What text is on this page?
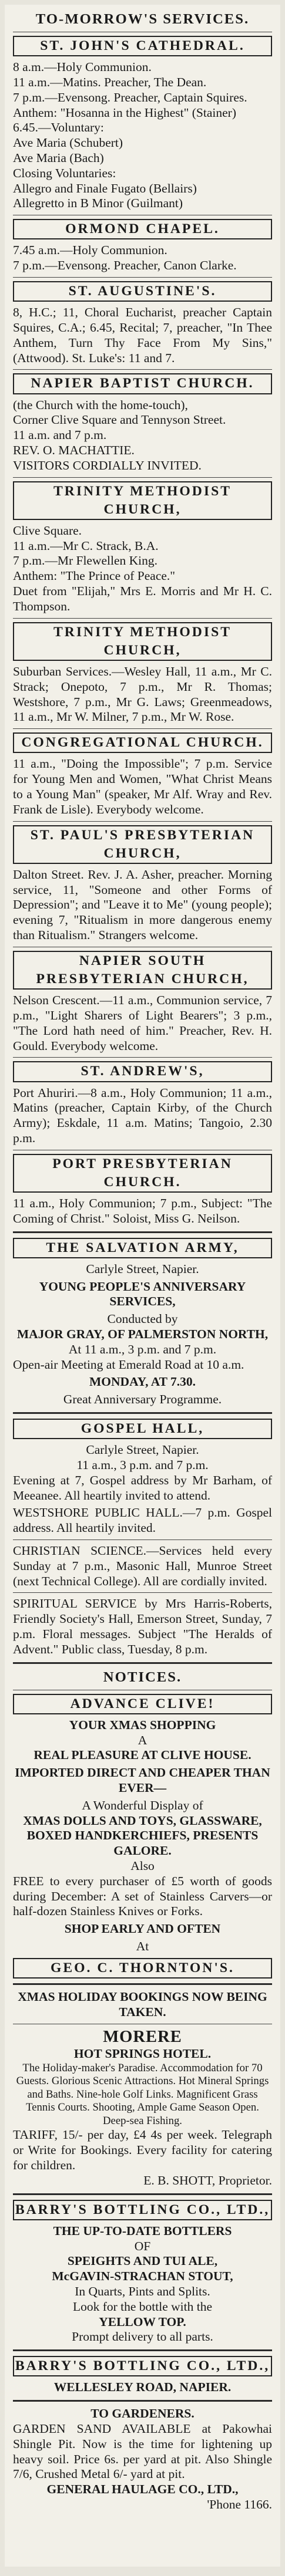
TO-MORROW'S SERVICES.
ST. JOHN'S CATHEDRAL.
8 a.m.—Holy Communion.
11 a.m.—Matins. Preacher, The Dean.
7 p.m.—Evensong. Preacher, Captain Squires.
Anthem: "Hosanna in the Highest" (Stainer)
6.45.—Voluntary:
Ave Maria (Schubert)
Ave Maria (Bach)
Closing Voluntaries:
Allegro and Finale Fugato (Bellairs)
Allegretto in B Minor (Guilmant)
ORMOND CHAPEL.
7.45 a.m.—Holy Communion.
7 p.m.—Evensong. Preacher, Canon Clarke.
ST. AUGUSTINE'S.
8, H.C.; 11, Choral Eucharist, preacher Captain Squires, C.A.; 6.45, Recital; 7, preacher, "In Thee Anthem, Turn Thy Face From My Sins," (Attwood). St. Luke's: 11 and 7.
NAPIER BAPTIST CHURCH.
(the Church with the home-touch),
Corner Clive Square and Tennyson Street.
11 a.m. and 7 p.m.
REV. O. MACHATTIE.
VISITORS CORDIALLY INVITED.
TRINITY METHODIST CHURCH,
Clive Square.
11 a.m.—Mr C. Strack, B.A.
7 p.m.—Mr Flewellen King.
Anthem: "The Prince of Peace."
Duet from "Elijah," Mrs E. Morris and Mr H. C. Thompson.
TRINITY METHODIST CHURCH,
Suburban Services.—Wesley Hall, 11 a.m., Mr C. Strack; Onepoto, 7 p.m., Mr R. Thomas; Westshore, 7 p.m., Mr G. Laws; Greenmeadows, 11 a.m., Mr W. Milner, 7 p.m., Mr W. Rose.
CONGREGATIONAL CHURCH.
11 a.m., "Doing the Impossible"; 7 p.m. Service for Young Men and Women, "What Christ Means to a Young Man" (speaker, Mr Alf. Wray and Rev. Frank de Lisle). Everybody welcome.
ST. PAUL'S PRESBYTERIAN CHURCH,
Dalton Street. Rev. J. A. Asher, preacher. Morning service, 11, "Someone and other Forms of Depression"; and "Leave it to Me" (young people); evening 7, "Ritualism in more dangerous enemy than Ritualism." Strangers welcome.
NAPIER SOUTH PRESBYTERIAN CHURCH,
Nelson Crescent.—11 a.m., Communion service, 7 p.m., "Light Sharers of Light Bearers"; 3 p.m., "The Lord hath need of him." Preacher, Rev. H. Gould. Everybody welcome.
ST. ANDREW'S,
Port Ahuriri.—8 a.m., Holy Communion; 11 a.m., Matins (preacher, Captain Kirby, of the Church Army); Eskdale, 11 a.m. Matins; Tangoio, 2.30 p.m.
PORT PRESBYTERIAN CHURCH.
11 a.m., Holy Communion; 7 p.m., Subject: "The Coming of Christ." Soloist, Miss G. Neilson.
THE SALVATION ARMY,
Carlyle Street, Napier.
YOUNG PEOPLE'S ANNIVERSARY SERVICES,
Conducted by
MAJOR GRAY, OF PALMERSTON NORTH,
At 11 a.m., 3 p.m. and 7 p.m.
Open-air Meeting at Emerald Road at 10 a.m.
MONDAY, AT 7.30.
Great Anniversary Programme.
GOSPEL HALL,
Carlyle Street, Napier.
11 a.m., 3 p.m. and 7 p.m.
Evening at 7, Gospel address by Mr Barham, of Meeanee. All heartily invited to attend.
WESTSHORE PUBLIC HALL.—7 p.m. Gospel address. All heartily invited.
CHRISTIAN SCIENCE.—Services held every Sunday at 7 p.m., Masonic Hall, Munroe Street (next Technical College). All are cordially invited.
SPIRITUAL SERVICE by Mrs Harris-Roberts, Friendly Society's Hall, Emerson Street, Sunday, 7 p.m. Floral messages. Subject "The Heralds of Advent." Public class, Tuesday, 8 p.m.
NOTICES.
ADVANCE CLIVE!
YOUR XMAS SHOPPING
A
REAL PLEASURE AT CLIVE HOUSE.
IMPORTED DIRECT AND CHEAPER THAN EVER—
A Wonderful Display of
XMAS DOLLS AND TOYS, GLASSWARE,
BOXED HANDKERCHIEFS, PRESENTS GALORE.
Also
FREE to every purchaser of £5 worth of goods during December: A set of Stainless Carvers—or half-dozen Stainless Knives or Forks.
SHOP EARLY AND OFTEN
At
GEO. C. THORNTON'S.
XMAS HOLIDAY BOOKINGS NOW BEING TAKEN.
MORERE
HOT SPRINGS HOTEL.
The Holiday-maker's Paradise. Accommodation for 70 Guests. Glorious Scenic Attractions. Hot Mineral Springs and Baths. Nine-hole Golf Links. Magnificent Grass Tennis Courts. Shooting, Ample Game Season Open. Deep-sea Fishing.
TARIFF, 15/- per day, £4 4s per week. Telegraph or Write for Bookings. Every facility for catering for children.
E. B. SHOTT, Proprietor.
BARRY'S BOTTLING CO., LTD.,
THE UP-TO-DATE BOTTLERS
OF
SPEIGHTS AND TUI ALE,
McGAVIN-STRACHAN STOUT,
In Quarts, Pints and Splits.
Look for the bottle with the
YELLOW TOP.
Prompt delivery to all parts.
BARRY'S BOTTLING CO., LTD.,
WELLESLEY ROAD, NAPIER.
TO GARDENERS.
GARDEN SAND AVAILABLE at Pakowhai Shingle Pit. Now is the time for lightening up heavy soil. Price 6s. per yard at pit. Also Shingle 7/6, Crushed Metal 6/- yard at pit.
GENERAL HAULAGE CO., LTD.,
'Phone 1166.
